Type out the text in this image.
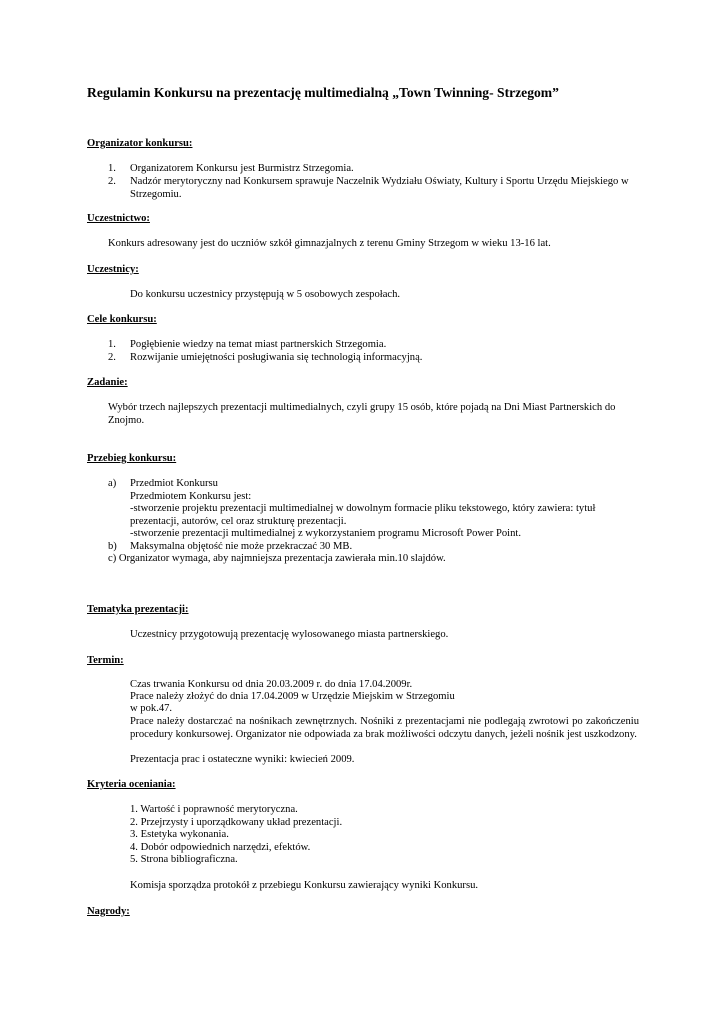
Regulamin Konkursu na prezentację multimedialną „Town Twinning- Strzegom”
Organizator konkursu:
1.	Organizatorem Konkursu jest Burmistrz Strzegomia.
2.	Nadzór merytoryczny nad Konkursem sprawuje Naczelnik Wydziału Oświaty, Kultury i Sportu Urzędu Miejskiego w Strzegomiu.
Uczestnictwo:
Konkurs adresowany jest do uczniów szkół gimnazjalnych z terenu Gminy Strzegom w wieku 13-16 lat.
Uczestnicy:
Do konkursu uczestnicy przystępują w 5 osobowych zespołach.
Cele konkursu:
1.	Pogłębienie wiedzy na temat miast partnerskich Strzegomia.
2.	Rozwijanie umiejętności posługiwania się technologią informacyjną.
Zadanie:
Wybór trzech najlepszych prezentacji multimedialnych, czyli grupy 15 osób, które pojadą na Dni Miast Partnerskich do Znojmo.
Przebieg konkursu:
a)	Przedmiot Konkursu
Przedmiotem Konkursu jest:
-stworzenie projektu prezentacji multimedialnej w dowolnym formacie pliku tekstowego, który zawiera: tytuł
prezentacji, autorów, cel oraz strukturę prezentacji.
-stworzenie prezentacji multimedialnej z wykorzystaniem programu Microsoft Power Point.
b)	Maksymalna objętość nie może przekraczać 30 MB.
c) Organizator wymaga, aby najmniejsza prezentacja zawierała min.10 slajdów.
Tematyka prezentacji:
Uczestnicy przygotowują prezentację wylosowanego miasta partnerskiego.
Termin:
Czas trwania Konkursu od dnia 20.03.2009 r. do dnia 17.04.2009r.
Prace należy złożyć do dnia 17.04.2009 w Urzędzie Miejskim w Strzegomiu
w pok.47.
Prace należy dostarczać na nośnikach zewnętrznych. Nośniki z prezentacjami nie podlegają zwrotowi po zakończeniu procedury konkursowej. Organizator nie odpowiada za brak możliwości odczytu danych, jeżeli nośnik jest uszkodzony.
Prezentacja prac i ostateczne wyniki: kwiecień 2009.
Kryteria oceniania:
1. Wartość i poprawność merytoryczna.
2. Przejrzysty i uporządkowany układ prezentacji.
3. Estetyka wykonania.
4. Dobór odpowiednich narzędzi, efektów.
5. Strona bibliograficzna.
Komisja sporządza protokół z przebiegu Konkursu zawierający wyniki Konkursu.
Nagrody:
